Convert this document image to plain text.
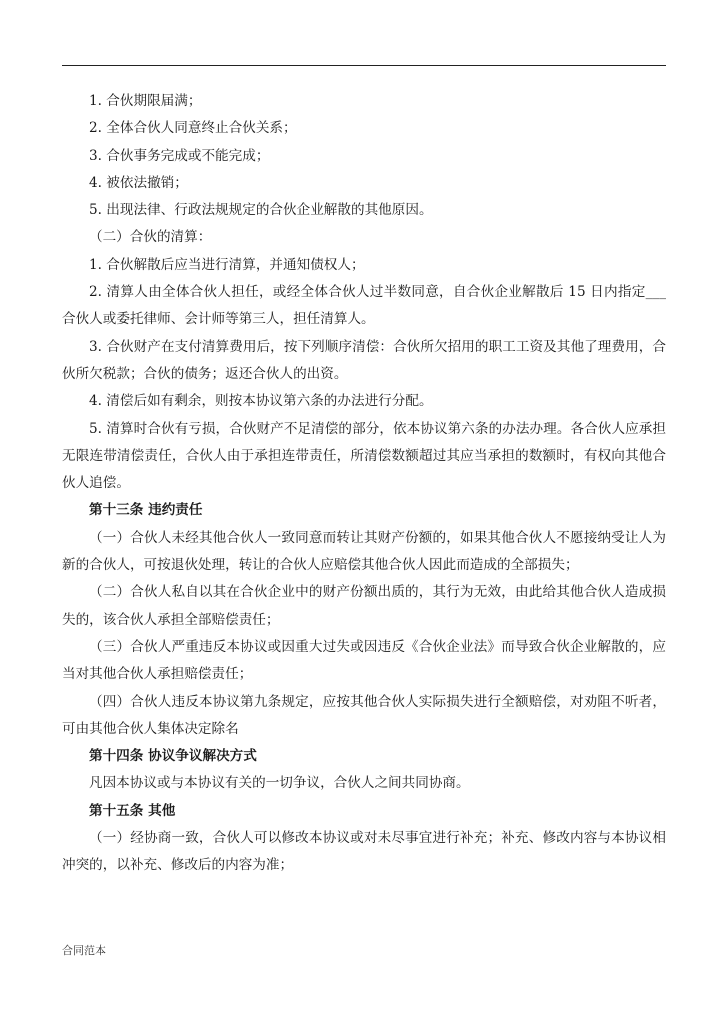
1. 合伙期限届满；

2. 全体合伙人同意终止合伙关系；

3. 合伙事务完成或不能完成；

4. 被依法撤销；

5. 出现法律、行政法规规定的合伙企业解散的其他原因。

（二）合伙的清算：

1. 合伙解散后应当进行清算，并通知债权人；

2. 清算人由全体合伙人担任，或经全体合伙人过半数同意，自合伙企业解散后 15 日内指定___合伙人或委托律师、会计师等第三人，担任清算人。

3. 合伙财产在支付清算费用后，按下列顺序清偿：合伙所欠招用的职工工资及其他了理费用，合伙所欠税款；合伙的债务；返还合伙人的出资。

4. 清偿后如有剩余，则按本协议第六条的办法进行分配。

5. 清算时合伙有亏损，合伙财产不足清偿的部分，依本协议第六条的办法办理。各合伙人应承担无限连带清偿责任，合伙人由于承担连带责任，所清偿数额超过其应当承担的数额时，有权向其他合伙人追偿。

第十三条 违约责任

（一）合伙人未经其他合伙人一致同意而转让其财产份额的，如果其他合伙人不愿接纳受让人为新的合伙人，可按退伙处理，转让的合伙人应赔偿其他合伙人因此而造成的全部损失；

（二）合伙人私自以其在合伙企业中的财产份额出质的，其行为无效，由此给其他合伙人造成损失的，该合伙人承担全部赔偿责任；

（三）合伙人严重违反本协议或因重大过失或因违反《合伙企业法》而导致合伙企业解散的，应当对其他合伙人承担赔偿责任；

（四）合伙人违反本协议第九条规定，应按其他合伙人实际损失进行全额赔偿，对劝阻不听者，可由其他合伙人集体决定除名

第十四条 协议争议解决方式

凡因本协议或与本协议有关的一切争议，合伙人之间共同协商。

第十五条 其他

（一）经协商一致，合伙人可以修改本协议或对未尽事宜进行补充；补充、修改内容与本协议相冲突的，以补充、修改后的内容为准；

合同范本
